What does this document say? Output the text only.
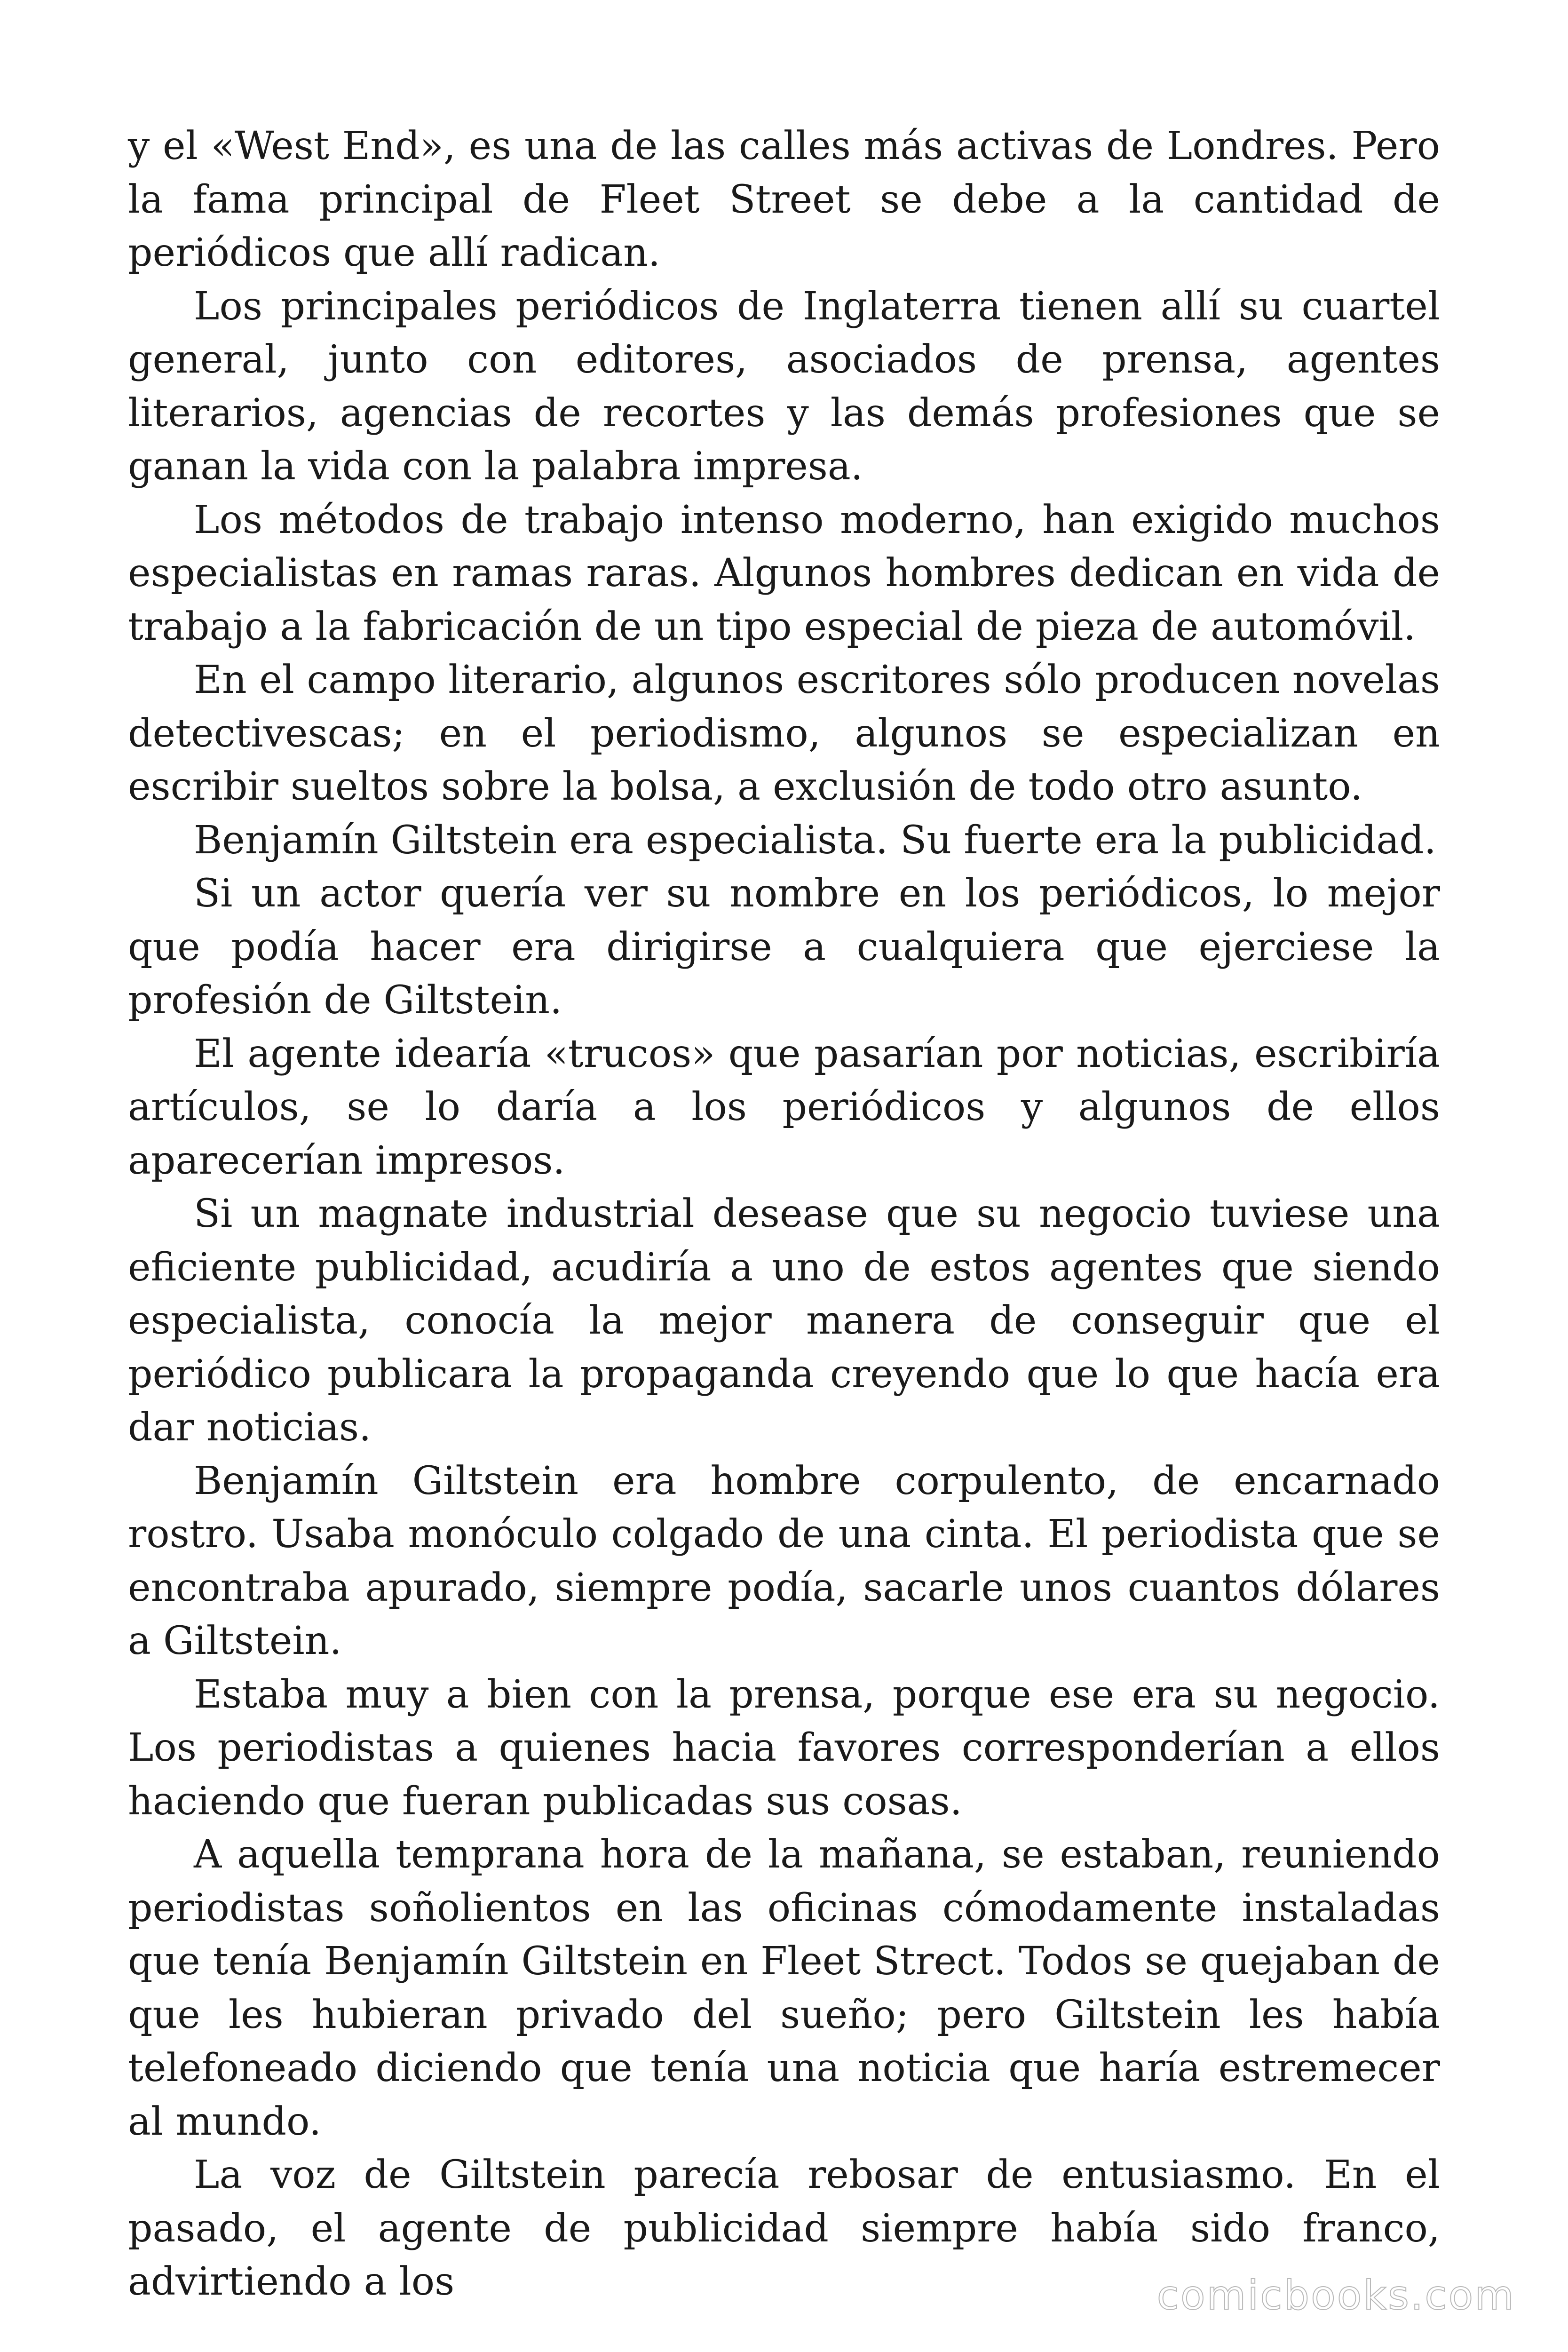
y el «West End», es una de las calles más activas de Londres. Pero la fama principal de Fleet Street se debe a la cantidad de periódicos que allí radican.

Los principales periódicos de Inglaterra tienen allí su cuartel general, junto con editores, asociados de prensa, agentes literarios, agencias de recortes y las demás profesiones que se ganan la vida con la palabra impresa.

Los métodos de trabajo intenso moderno, han exigido muchos especialistas en ramas raras. Algunos hombres dedican en vida de trabajo a la fabricación de un tipo especial de pieza de automóvil.

En el campo literario, algunos escritores sólo producen novelas detectivescas; en el periodismo, algunos se especializan en escribir sueltos sobre la bolsa, a exclusión de todo otro asunto.

Benjamín Giltstein era especialista. Su fuerte era la publicidad.

Si un actor quería ver su nombre en los periódicos, lo mejor que podía hacer era dirigirse a cualquiera que ejerciese la profesión de Giltstein.

El agente idearía «trucos» que pasarían por noticias, escribiría artículos, se lo daría a los periódicos y algunos de ellos aparecerían impresos.

Si un magnate industrial desease que su negocio tuviese una eficiente publicidad, acudiría a uno de estos agentes que siendo especialista, conocía la mejor manera de conseguir que el periódico publicara la propaganda creyendo que lo que hacía era dar noticias.

Benjamín Giltstein era hombre corpulento, de encarnado rostro. Usaba monóculo colgado de una cinta. El periodista que se encontraba apurado, siempre podía, sacarle unos cuantos dólares a Giltstein.

Estaba muy a bien con la prensa, porque ese era su negocio. Los periodistas a quienes hacia favores corresponderían a ellos haciendo que fueran publicadas sus cosas.

A aquella temprana hora de la mañana, se estaban, reuniendo periodistas soñolientos en las oficinas cómodamente instaladas que tenía Benjamín Giltstein en Fleet Strect. Todos se quejaban de que les hubieran privado del sueño; pero Giltstein les había telefoneado diciendo que tenía una noticia que haría estremecer al mundo.

La voz de Giltstein parecía rebosar de entusiasmo. En el pasado, el agente de publicidad siempre había sido franco, advirtiendo a los	comicbooks.com
